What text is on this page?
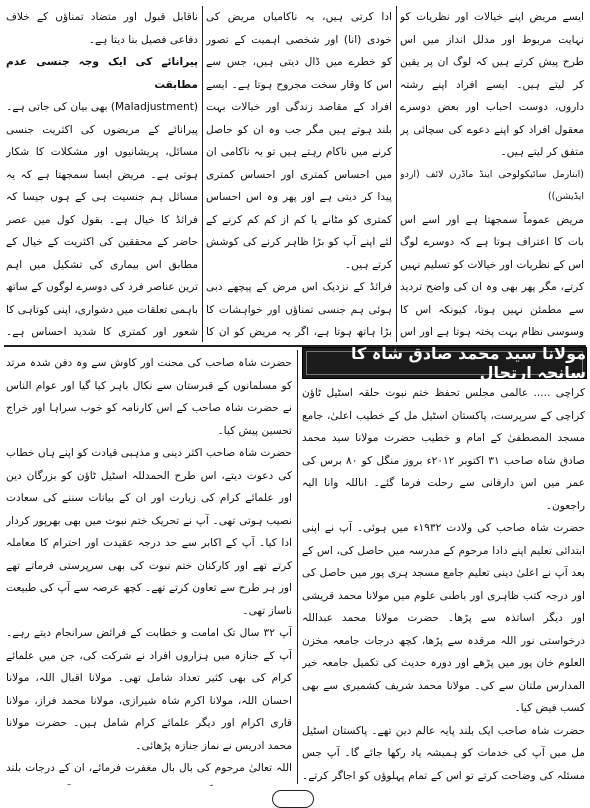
ایسے مریض اپنے خیالات اور نظریات کو نہایت مربوط اور مدلل انداز میں اس طرح پیش کرتے ہیں کہ لوگ ان پر یقین کر لیتے ہیں۔ ایسے افراد اپنے رشتہ داروں، دوست احباب اور بعض دوسرے معقول افراد کو اپنے دعوے کی سچائی پر متفق کر لیتے ہیں۔

(ابنارمل سائیکولوجی اینڈ ماڈرن لائف (اردو ایڈیشن))

مریض عموماً سمجھتا ہے اور اسے اس بات کا اعتراف ہوتا ہے کہ دوسرے لوگ اس کے نظریات اور خیالات کو تسلیم نہیں کرتے، مگر پھر بھی وہ ان کی واضح تردید سے مطمئن نہیں ہوتا، کیونکہ اس کا وسوسی نظام بہت پختہ ہوتا ہے اور اس

ادا کرتی ہیں، یہ ناکامیاں مریض کی خودی (انا) اور شخصی اہمیت کے تصور کو خطرے میں ڈال دیتی ہیں، جس سے اس کا وقار سخت مجروح ہوتا ہے۔ ایسے افراد کے مقاصد زندگی اور خیالات بہت بلند ہوتے ہیں مگر جب وہ ان کو حاصل کرنے میں ناکام رہتے ہیں تو یہ ناکامی ان میں احساس کمتری اور احساس کمتری پیدا کر دیتی ہے اور پھر وہ اس احساس کمتری کو مٹانے یا کم از کم کم کرنے کے لئے اپنے آپ کو بڑا ظاہر کرنے کی کوشش کرتے ہیں۔

فرائڈ کے نزدیک اس مرض کے پیچھے دبی ہوئی ہم جنسی تمناؤں اور خواہشات کا بڑا ہاتھ ہوتا ہے، اگر یہ مریض کو ان کا

ناقابل قبول اور متضاد تمناؤں کے خلاف دفاعی فصیل بنا دیتا ہے۔

پیرانائے کی ایک وجہ جنسی عدم مطابقت

(Maladjustment) بھی بیان کی جاتی ہے۔

پیرانائے کے مریضوں کی اکثریت جنسی مسائل، پریشانیوں اور مشکلات کا شکار ہوتی ہے۔ مریض ایسا سمجھتا ہے کہ یہ مسائل ہم جنسیت ہی کے ہوں جیسا کہ فرائڈ کا خیال ہے۔ بقول کول مین عصر حاضر کے محققین کی اکثریت کے خیال کے مطابق اس بیماری کی تشکیل میں اہم ترین عناصر فرد کی دوسرے لوگوں کے ساتھ باہمی تعلقات میں دشواری، اپنی کوتاہی کا شعور اور کمتری کا شدید احساس ہے۔

مولانا سید محمد صادق شاہ کا سانحہ ارتحال

کراچی ..... عالمی مجلس تحفظ ختم نبوت حلقہ اسٹیل ٹاؤن کراچی کے سرپرست، پاکستان اسٹیل مل کے خطیب اعلیٰ، جامع مسجد المصطفیٰ کے امام و خطیب حضرت مولانا سید محمد صادق شاہ صاحب ۳۱ اکتوبر ۲۰۱۲ء بروز منگل کو ۸۰ برس کی عمر میں اس دارفانی سے رحلت فرما گئے۔ اناللہ وانا الیہ راجعون۔

حضرت شاہ صاحب کی ولادت ۱۹۳۲ء میں ہوئی۔ آپ نے اپنی ابتدائی تعلیم اپنے دادا مرحوم کے مدرسہ میں حاصل کی، اس کے بعد آپ نے اعلیٰ دینی تعلیم جامع مسجد ہری پور میں حاصل کی اور درجہ کتب ظاہری اور باطنی علوم میں مولانا محمد قریشی اور دیگر اساتذہ سے پڑھا۔ حضرت مولانا محمد عبداللہ درخواستی نور اللہ مرقدہ سے پڑھا، کچھ درجات جامعہ مخزن العلوم خان پور میں پڑھے اور دورہ حدیث کی تکمیل جامعہ خیر المدارس ملتان سے کی۔ مولانا محمد شریف کشمیری سے بھی کسب فیض کیا۔

حضرت شاہ صاحب ایک بلند پایہ عالم دین تھے۔ پاکستان اسٹیل مل میں آپ کی خدمات کو ہمیشہ یاد رکھا جائے گا۔ آپ جس مسئلہ کی وضاحت کرتے تو اس کے تمام پہلوؤں کو اجاگر کرتے۔

حضرت شاہ صاحب کی محنت اور کاوش سے وہ دفن شدہ مرتد کو مسلمانوں کے قبرستان سے نکال باہر کیا گیا اور عوام الناس نے حضرت شاہ صاحب کے اس کارنامہ کو خوب سراہا اور خراج تحسین پیش کیا۔

حضرت شاہ صاحب اکثر دینی و مذہبی قیادت کو اپنے ہاں خطاب کی دعوت دیتے، اس طرح الحمدللہ اسٹیل ٹاؤن کو بزرگان دین اور علمائے کرام کی زیارت اور ان کے بیانات سننے کی سعادت نصیب ہوتی تھی۔ آپ نے تحریک ختم نبوت میں بھی بھرپور کردار ادا کیا۔ آپ کے اکابر سے حد درجہ عقیدت اور احترام کا معاملہ کرتے تھے اور کارکنان ختم نبوت کی بھی سرپرستی فرماتے تھے اور ہر طرح سے تعاون کرتے تھے۔ کچھ عرصہ سے آپ کی طبیعت ناساز تھی۔

آپ ۳۲ سال تک امامت و خطابت کے فرائض سرانجام دیتے رہے۔ آپ کے جنازہ میں ہزاروں افراد نے شرکت کی، جن میں علمائے کرام کی بھی کثیر تعداد شامل تھی۔ مولانا اقبال اللہ، مولانا احسان اللہ، مولانا اکرم شاہ شیرازی، مولانا محمد فراز، مولانا قاری اکرام اور دیگر علمائے کرام شامل ہیں۔ حضرت مولانا محمد ادریس نے نماز جنازہ پڑھائی۔

اللہ تعالیٰ مرحوم کی بال بال مغفرت فرمائے، ان کے درجات بلند
